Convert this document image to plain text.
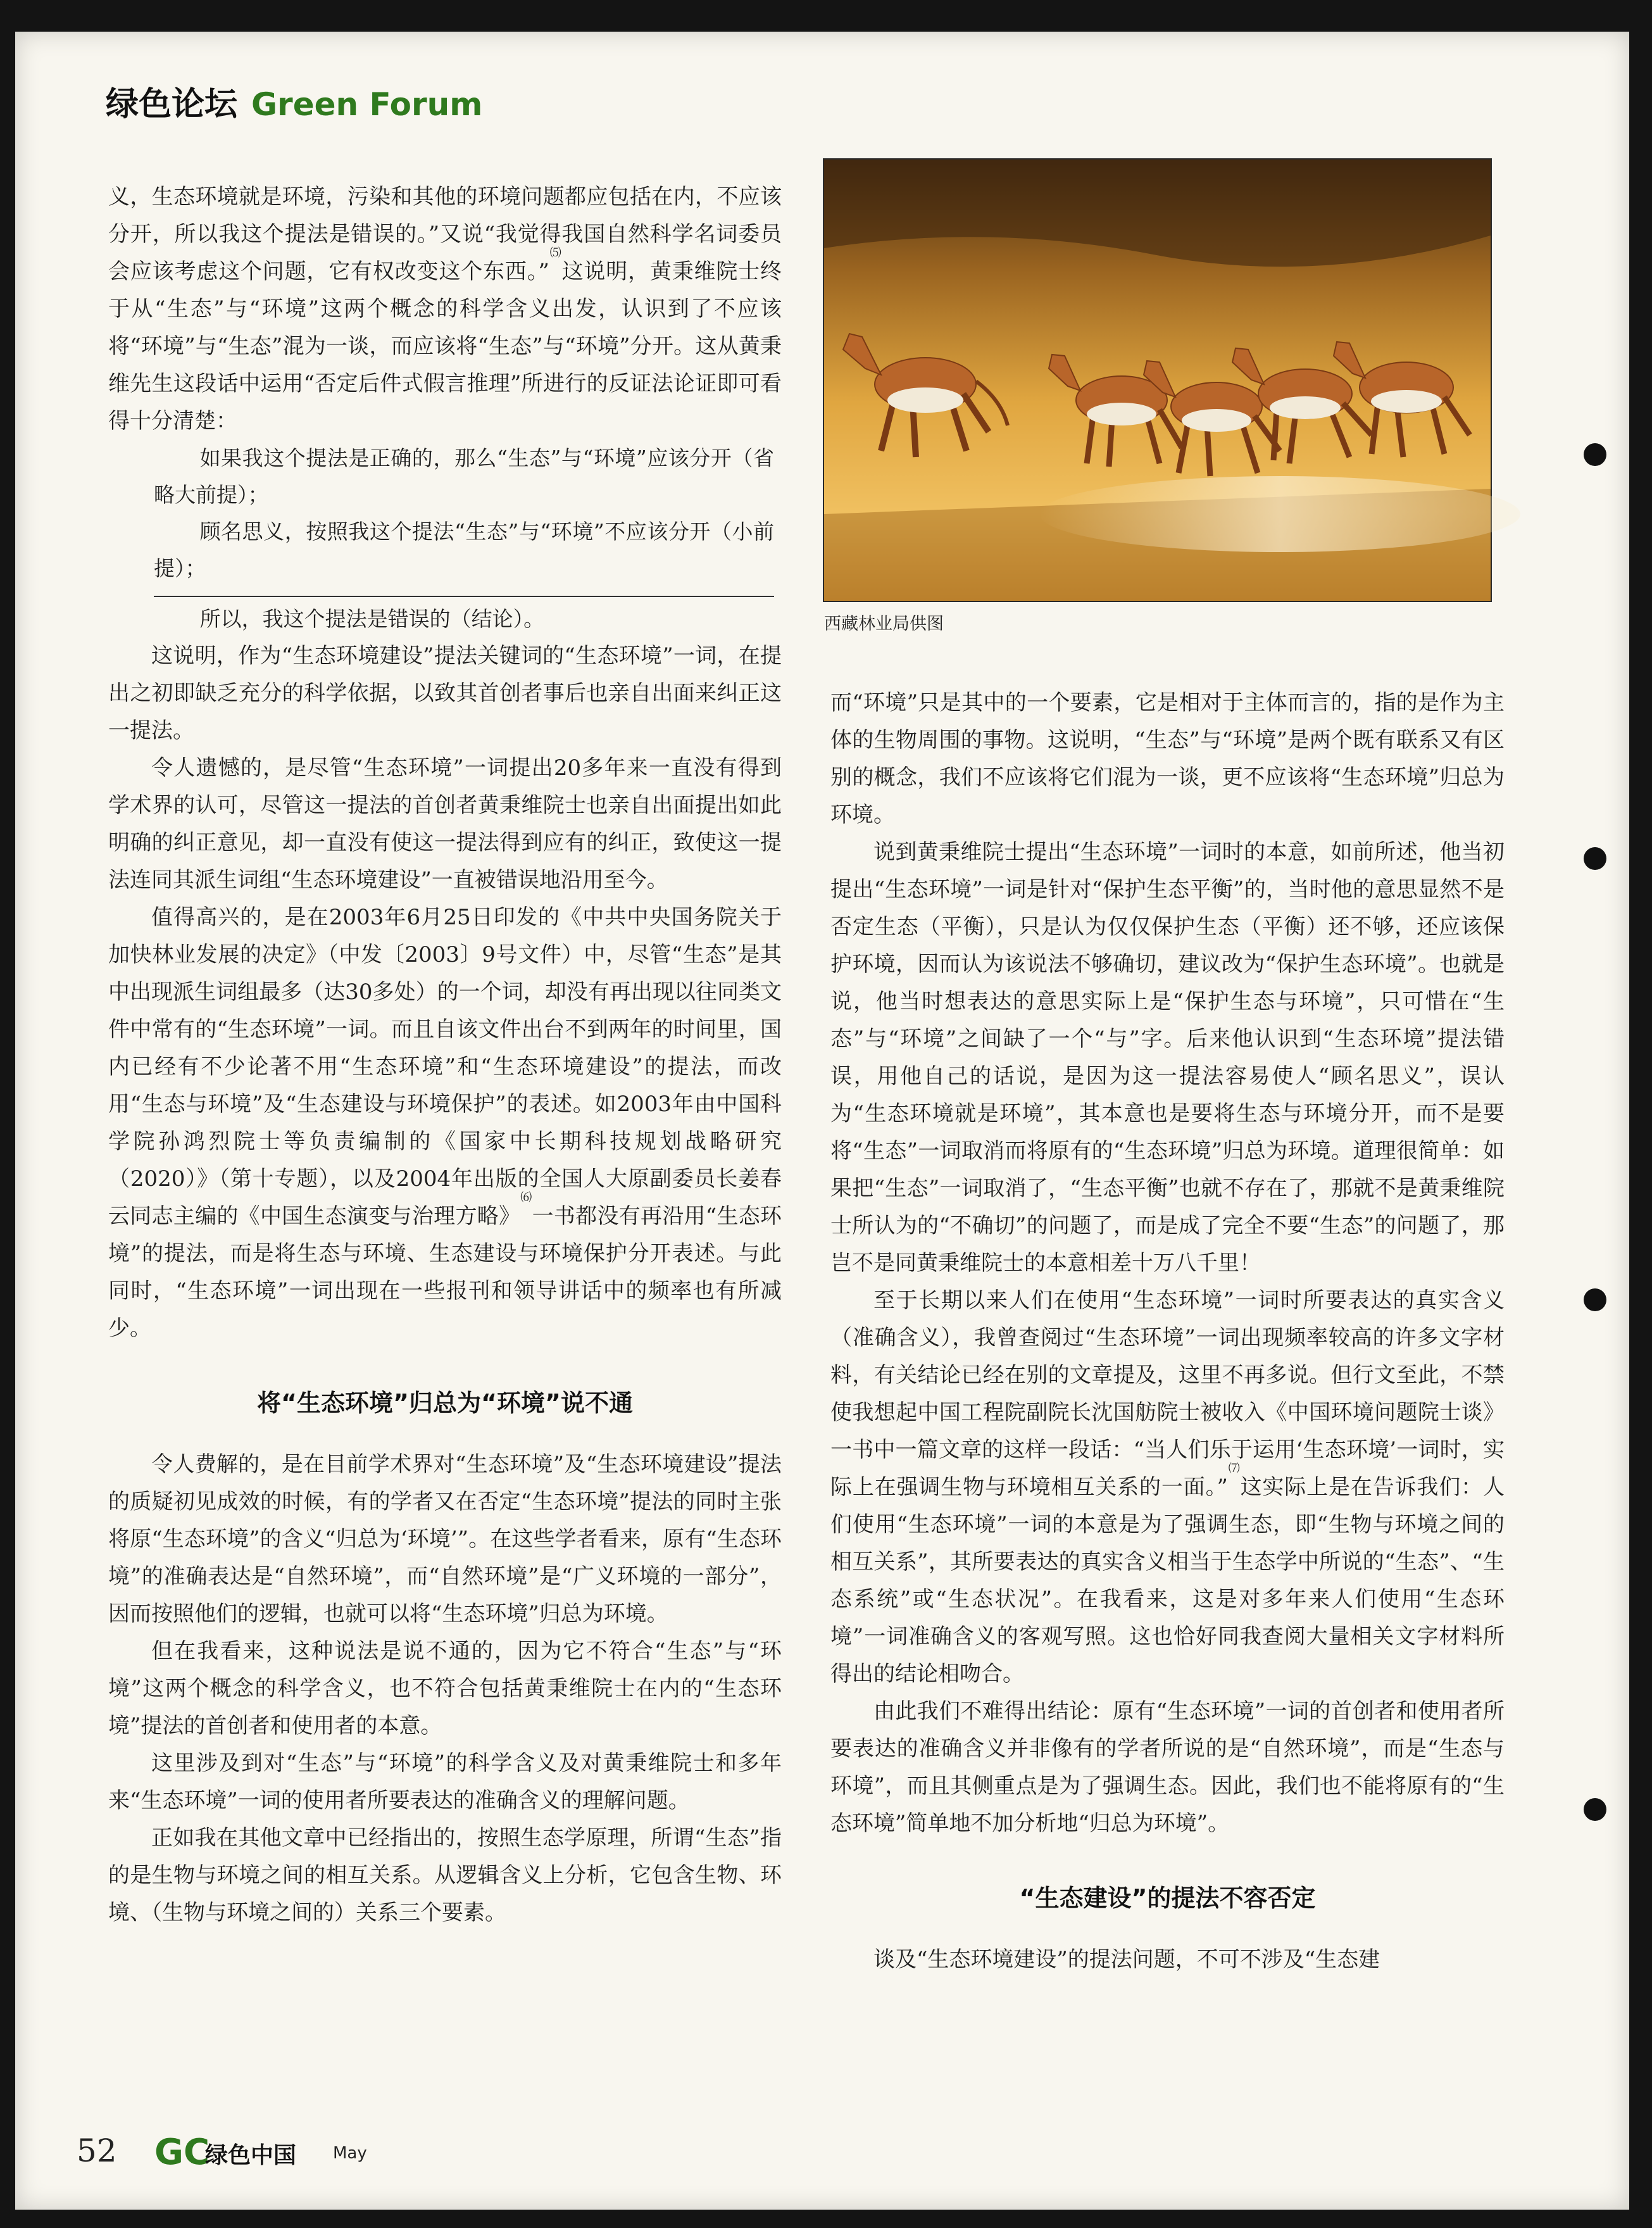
绿色论坛 Green Forum

义，生态环境就是环境，污染和其他的环境问题都应包括在内，不应该分开，所以我这个提法是错误的。”又说“我觉得我国自然科学名词委员会应该考虑这个问题，它有权改变这个东西。”⑸这说明，黄秉维院士终于从“生态”与“环境”这两个概念的科学含义出发，认识到了不应该将“环境”与“生态”混为一谈，而应该将“生态”与“环境”分开。这从黄秉维先生这段话中运用“否定后件式假言推理”所进行的反证法论证即可看得十分清楚：

如果我这个提法是正确的，那么“生态”与“环境”应该分开（省略大前提）；

顾名思义，按照我这个提法“生态”与“环境”不应该分开（小前提）；

所以，我这个提法是错误的（结论）。

这说明，作为“生态环境建设”提法关键词的“生态环境”一词，在提出之初即缺乏充分的科学依据，以致其首创者事后也亲自出面来纠正这一提法。

令人遗憾的，是尽管“生态环境”一词提出20多年来一直没有得到学术界的认可，尽管这一提法的首创者黄秉维院士也亲自出面提出如此明确的纠正意见，却一直没有使这一提法得到应有的纠正，致使这一提法连同其派生词组“生态环境建设”一直被错误地沿用至今。

值得高兴的，是在2003年6月25日印发的《中共中央国务院关于加快林业发展的决定》（中发〔2003〕9号文件）中，尽管“生态”是其中出现派生词组最多（达30多处）的一个词，却没有再出现以往同类文件中常有的“生态环境”一词。而且自该文件出台不到两年的时间里，国内已经有不少论著不用“生态环境”和“生态环境建设”的提法，而改用“生态与环境”及“生态建设与环境保护”的表述。如2003年由中国科学院孙鸿烈院士等负责编制的《国家中长期科技规划战略研究（2020）》（第十专题），以及2004年出版的全国人大原副委员长姜春云同志主编的《中国生态演变与治理方略》⑹一书都没有再沿用“生态环境”的提法，而是将生态与环境、生态建设与环境保护分开表述。与此同时，“生态环境”一词出现在一些报刊和领导讲话中的频率也有所减少。

将“生态环境”归总为“环境”说不通

令人费解的，是在目前学术界对“生态环境”及“生态环境建设”提法的质疑初见成效的时候，有的学者又在否定“生态环境”提法的同时主张将原“生态环境”的含义“归总为‘环境’”。在这些学者看来，原有“生态环境”的准确表达是“自然环境”，而“自然环境”是“广义环境的一部分”，因而按照他们的逻辑，也就可以将“生态环境”归总为环境。

但在我看来，这种说法是说不通的，因为它不符合“生态”与“环境”这两个概念的科学含义，也不符合包括黄秉维院士在内的“生态环境”提法的首创者和使用者的本意。

这里涉及到对“生态”与“环境”的科学含义及对黄秉维院士和多年来“生态环境”一词的使用者所要表达的准确含义的理解问题。

正如我在其他文章中已经指出的，按照生态学原理，所谓“生态”指的是生物与环境之间的相互关系。从逻辑含义上分析，它包含生物、环境、（生物与环境之间的）关系三个要素。

西藏林业局供图

而“环境”只是其中的一个要素，它是相对于主体而言的，指的是作为主体的生物周围的事物。这说明，“生态”与“环境”是两个既有联系又有区别的概念，我们不应该将它们混为一谈，更不应该将“生态环境”归总为环境。

说到黄秉维院士提出“生态环境”一词时的本意，如前所述，他当初提出“生态环境”一词是针对“保护生态平衡”的，当时他的意思显然不是否定生态（平衡），只是认为仅仅保护生态（平衡）还不够，还应该保护环境，因而认为该说法不够确切，建议改为“保护生态环境”。也就是说，他当时想表达的意思实际上是“保护生态与环境”，只可惜在“生态”与“环境”之间缺了一个“与”字。后来他认识到“生态环境”提法错误，用他自己的话说，是因为这一提法容易使人“顾名思义”，误认为“生态环境就是环境”，其本意也是要将生态与环境分开，而不是要将“生态”一词取消而将原有的“生态环境”归总为环境。道理很简单：如果把“生态”一词取消了，“生态平衡”也就不存在了，那就不是黄秉维院士所认为的“不确切”的问题了，而是成了完全不要“生态”的问题了，那岂不是同黄秉维院士的本意相差十万八千里！

至于长期以来人们在使用“生态环境”一词时所要表达的真实含义（准确含义），我曾查阅过“生态环境”一词出现频率较高的许多文字材料，有关结论已经在别的文章提及，这里不再多说。但行文至此，不禁使我想起中国工程院副院长沈国舫院士被收入《中国环境问题院士谈》一书中一篇文章的这样一段话：“当人们乐于运用‘生态环境’一词时，实际上在强调生物与环境相互关系的一面。”⑺这实际上是在告诉我们：人们使用“生态环境”一词的本意是为了强调生态，即“生物与环境之间的相互关系”，其所要表达的真实含义相当于生态学中所说的“生态”、“生态系统”或“生态状况”。在我看来，这是对多年来人们使用“生态环境”一词准确含义的客观写照。这也恰好同我查阅大量相关文字材料所得出的结论相吻合。

由此我们不难得出结论：原有“生态环境”一词的首创者和使用者所要表达的准确含义并非像有的学者所说的是“自然环境”，而是“生态与环境”，而且其侧重点是为了强调生态。因此，我们也不能将原有的“生态环境”简单地不加分析地“归总为环境”。

“生态建设”的提法不容否定

谈及“生态环境建设”的提法问题，不可不涉及“生态建

52 GC
绿色中国 May
